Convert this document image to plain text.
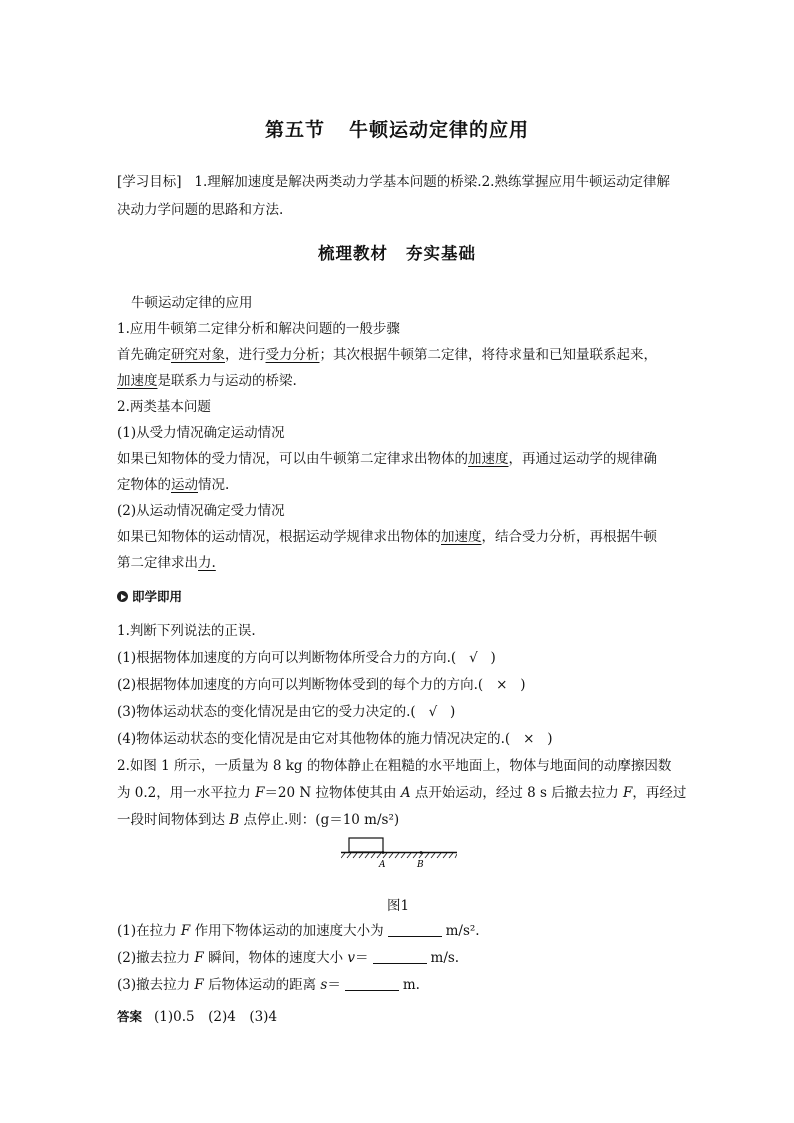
第五节 牛顿运动定律的应用
[学习目标] 1.理解加速度是解决两类动力学基本问题的桥梁.2.熟练掌握应用牛顿运动定律解决动力学问题的思路和方法.
梳理教材 夯实基础
牛顿运动定律的应用
1.应用牛顿第二定律分析和解决问题的一般步骤
首先确定研究对象，进行受力分析；其次根据牛顿第二定律，将待求量和已知量联系起来，
加速度是联系力与运动的桥梁.
2.两类基本问题
(1)从受力情况确定运动情况
如果已知物体的受力情况，可以由牛顿第二定律求出物体的加速度，再通过运动学的规律确
定物体的运动情况.
(2)从运动情况确定受力情况
如果已知物体的运动情况，根据运动学规律求出物体的加速度，结合受力分析，再根据牛顿
第二定律求出力.
即学即用
1.判断下列说法的正误.
(1)根据物体加速度的方向可以判断物体所受合力的方向.( √ )
(2)根据物体加速度的方向可以判断物体受到的每个力的方向.( × )
(3)物体运动状态的变化情况是由它的受力决定的.( √ )
(4)物体运动状态的变化情况是由它对其他物体的施力情况决定的.( × )
2.如图 1 所示，一质量为 8 kg 的物体静止在粗糙的水平地面上，物体与地面间的动摩擦因数
为 0.2，用一水平拉力 F＝20 N 拉物体使其由 A 点开始运动，经过 8 s 后撤去拉力 F，再经过
一段时间物体到达 B 点停止.则：(g＝10 m/s²)
A	B
图1
(1)在拉力 F 作用下物体运动的加速度大小为	m/s².
(2)撤去拉力 F 瞬间，物体的速度大小 v＝	m/s.
(3)撤去拉力 F 后物体运动的距离 s＝	m.
答案 (1)0.5　(2)4　(3)4
